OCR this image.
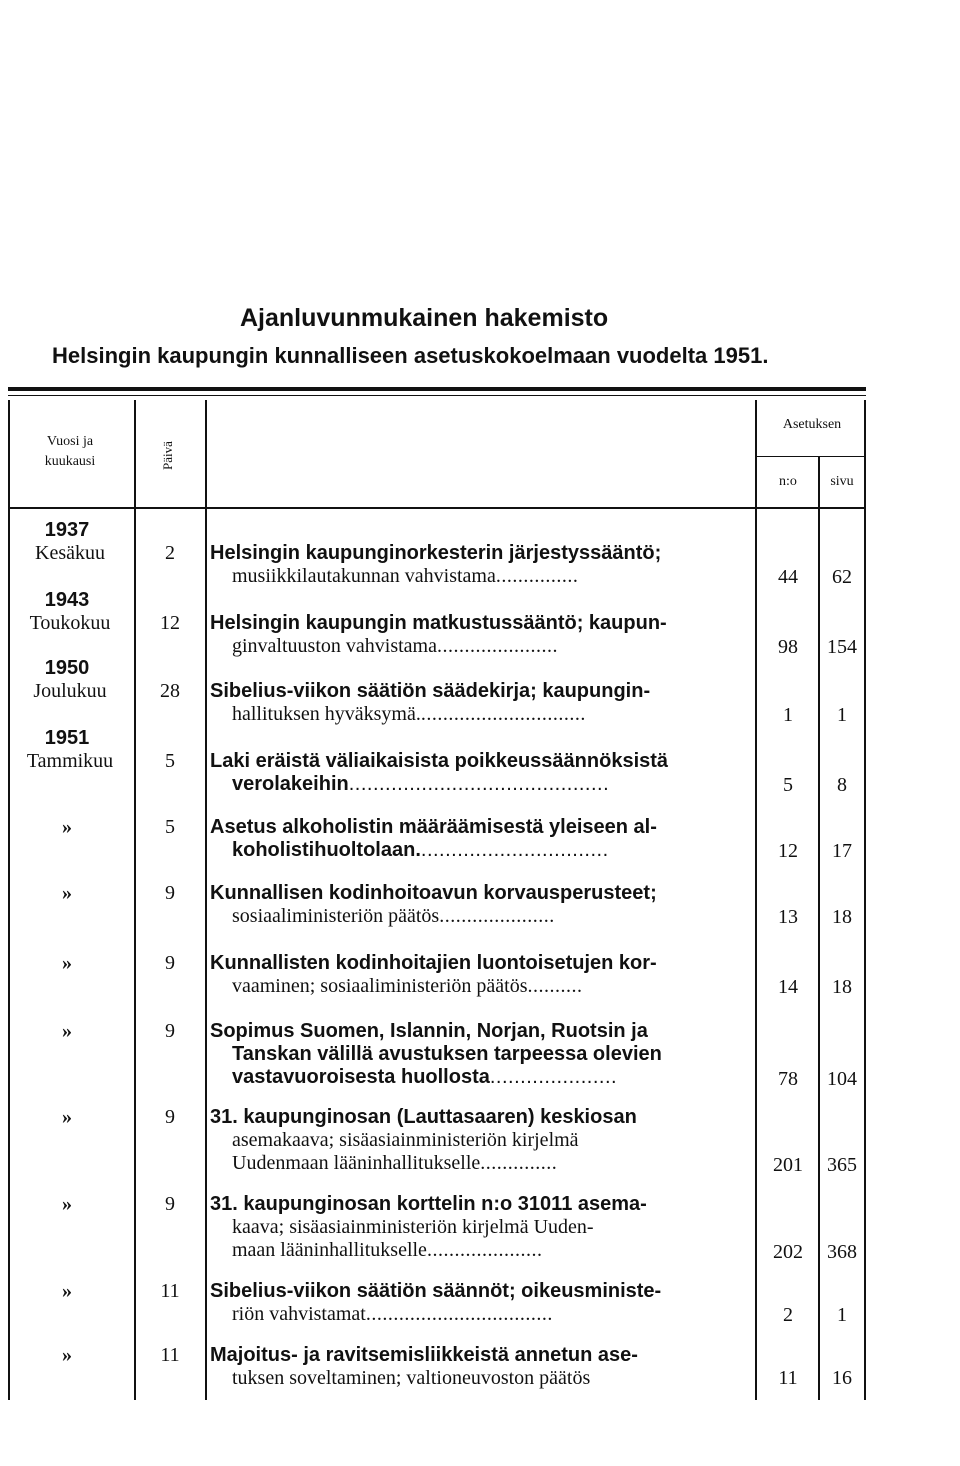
Ajanluvunmukainen hakemisto
Helsingin kaupungin kunnalliseen asetuskokoelmaan vuodelta 1951.
Vuosi ja
kuukausi	Päivä
Asetuksen
n:o	sivu
1937
Kesäkuu	2	Helsingin kaupunginorkesterin järjestyssääntö;
musiikkilautakunnan vahvistama...............	44	62
1943
Toukokuu	12	Helsingin kaupungin matkustussääntö; kaupun-
ginvaltuuston vahvistama......................	98	154
1950
Joulukuu	28	Sibelius-viikon säätiön säädekirja; kaupungin-
hallituksen hyväksymä...............................	1	1
1951
Tammikuu	5	Laki eräistä väliaikaisista poikkeussäännöksistä
verolakeihin...........................................	5	8
»	5	Asetus alkoholistin määräämisestä yleiseen al-
koholistihuoltolaan................................	12	17
»	9	Kunnallisen kodinhoitoavun korvausperusteet;
sosiaaliministeriön päätös.....................	13	18
»	9	Kunnallisten kodinhoitajien luontoisetujen kor-
vaaminen; sosiaaliministeriön päätös..........	14	18
»	9	Sopimus Suomen, Islannin, Norjan, Ruotsin ja
Tanskan välillä avustuksen tarpeessa olevien
vastavuoroisesta huollosta.....................	78	104
»	9	31. kaupunginosan (Lauttasaaren) keskiosan
asemakaava; sisäasiainministeriön kirjelmä
Uudenmaan lääninhallitukselle..............	201	365
»	9	31. kaupunginosan korttelin n:o 31011 asema-
kaava; sisäasiainministeriön kirjelmä Uuden-
maan lääninhallitukselle.....................	202	368
»	11	Sibelius-viikon säätiön säännöt; oikeusministe-
riön vahvistamat..................................	2	1
»	11	Majoitus- ja ravitsemisliikkeistä annetun ase-
tuksen soveltaminen; valtioneuvoston päätös	11	16
